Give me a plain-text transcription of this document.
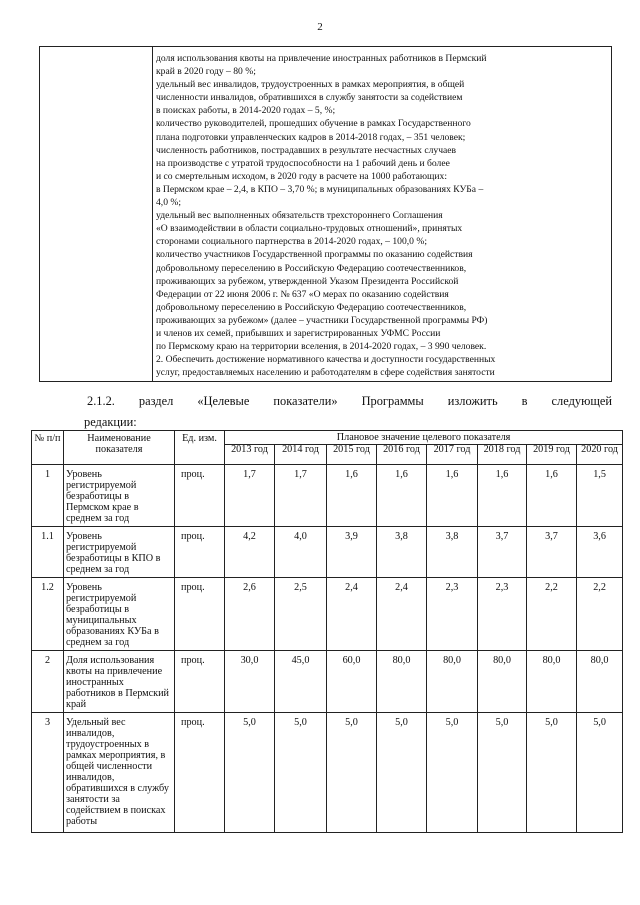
2

доля использования квоты на привлечение иностранных работников в Пермский
край в 2020 году – 80 %;
удельный вес инвалидов, трудоустроенных в рамках мероприятия, в общей
численности инвалидов, обратившихся в службу занятости за содействием
в поисках работы, в 2014-2020 годах – 5, %;
количество руководителей, прошедших обучение в рамках Государственного
плана подготовки управленческих кадров в 2014-2018 годах, – 351 человек;
численность работников, пострадавших в результате несчастных случаев
на производстве с утратой трудоспособности на 1 рабочий день и более
и со смертельным исходом, в 2020 году в расчете на 1000 работающих:
в Пермском крае – 2,4, в КПО – 3,70 %; в муниципальных образованиях КУБа –
4,0 %;
удельный вес выполненных обязательств трехстороннего Соглашения
«О взаимодействии в области социально-трудовых отношений», принятых
сторонами социального партнерства в 2014-2020 годах, – 100,0 %;
количество участников Государственной программы по оказанию содействия
добровольному переселению в Российскую Федерацию соотечественников,
проживающих за рубежом, утвержденной Указом Президента Российской
Федерации от 22 июня 2006 г. № 637 «О мерах по оказанию содействия
добровольному переселению в Российскую Федерацию соотечественников,
проживающих за рубежом» (далее – участники Государственной программы РФ)
и членов их семей, прибывших и зарегистрированных УФМС России
по Пермскому краю на территории вселения, в 2014-2020 годах, – 3 990 человек.
2. Обеспечить достижение нормативного качества и доступности государственных
услуг, предоставляемых населению и работодателям в сфере содействия занятости
2.1.2. раздел «Целевые показатели» Программы изложить в следующей
редакции:
№ п/п	Наименование показателя	Ед. изм.	Плановое значение целевого показателя							
			2013 год	2014 год	2015 год	2016 год	2017 год	2018 год	2019 год	2020 год
1	Уровень регистрируемой безработицы в Пермском крае в среднем за год	проц.	1,7	1,7	1,6	1,6	1,6	1,6	1,6	1,5
1.1	Уровень регистрируемой безработицы в КПО в среднем за год	проц.	4,2	4,0	3,9	3,8	3,8	3,7	3,7	3,6
1.2	Уровень регистрируемой безработицы в муниципальных образованиях КУБа в среднем за год	проц.	2,6	2,5	2,4	2,4	2,3	2,3	2,2	2,2
2	Доля использования квоты на привлечение иностранных работников в Пермский край	проц.	30,0	45,0	60,0	80,0	80,0	80,0	80,0	80,0
3	Удельный вес инвалидов, трудоустроенных в рамках мероприятия, в общей численности инвалидов, обратившихся в службу занятости за содействием в поисках работы	проц.	5,0	5,0	5,0	5,0	5,0	5,0	5,0	5,0
